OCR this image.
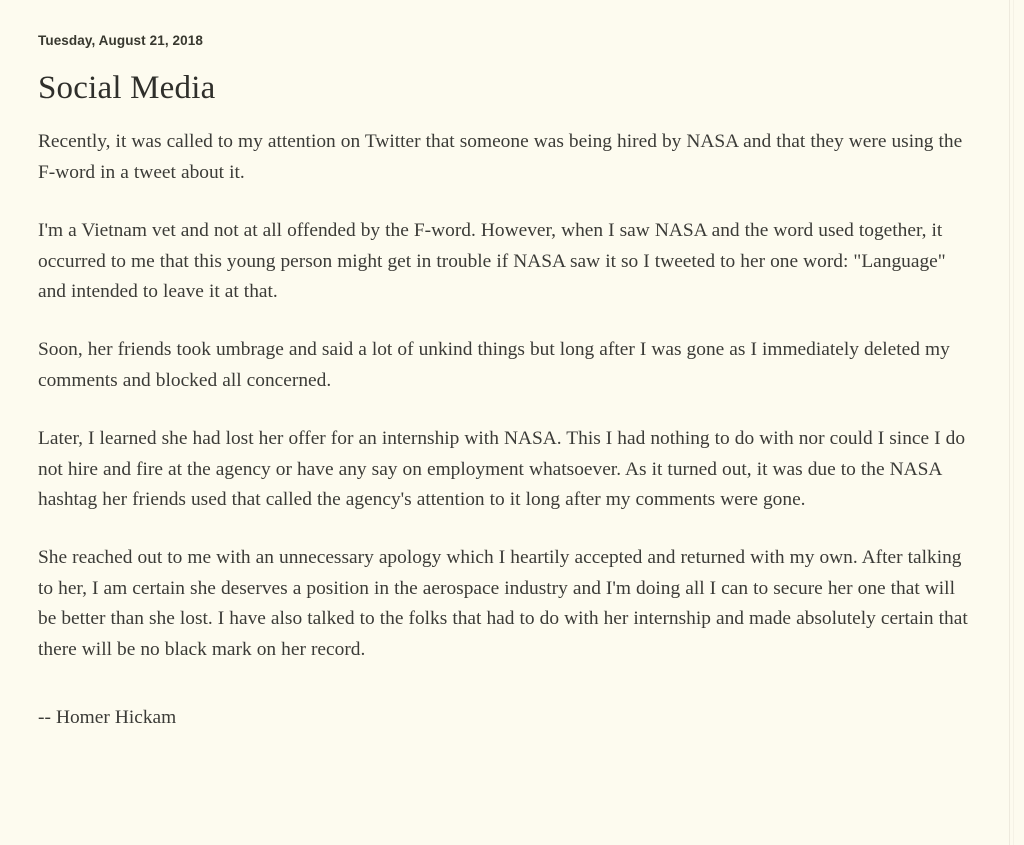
Tuesday, August 21, 2018
Social Media

Recently, it was called to my attention on Twitter that someone was being hired by NASA and that they were using the F-word in a tweet about it.

I'm a Vietnam vet and not at all offended by the F-word. However, when I saw NASA and the word used together, it occurred to me that this young person might get in trouble if NASA saw it so I tweeted to her one word: "Language" and intended to leave it at that.

Soon, her friends took umbrage and said a lot of unkind things but long after I was gone as I immediately deleted my comments and blocked all concerned.

Later, I learned she had lost her offer for an internship with NASA. This I had nothing to do with nor could I since I do not hire and fire at the agency or have any say on employment whatsoever. As it turned out, it was due to the NASA hashtag her friends used that called the agency's attention to it long after my comments were gone.

She reached out to me with an unnecessary apology which I heartily accepted and returned with my own. After talking to her, I am certain she deserves a position in the aerospace industry and I'm doing all I can to secure her one that will be better than she lost. I have also talked to the folks that had to do with her internship and made absolutely certain that there will be no black mark on her record.

-- Homer Hickam
